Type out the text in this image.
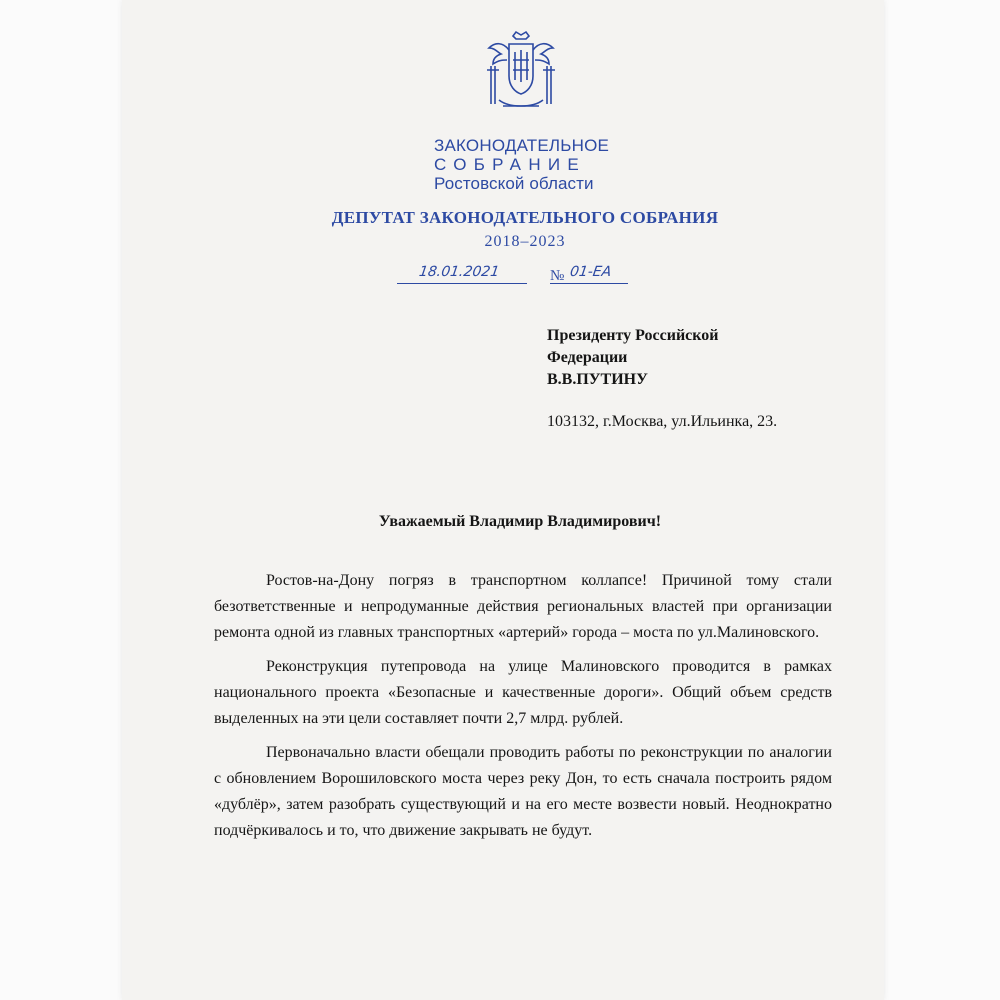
ЗАКОНОДАТЕЛЬНОЕ
СОБРАНИЕ
Ростовской области
ДЕПУТАТ ЗАКОНОДАТЕЛЬНОГО СОБРАНИЯ
2018–2023
18.01.2021	№ 01-ЕА
Президенту Российской
Федерации
В.В.ПУТИНУ
103132, г.Москва, ул.Ильинка, 23.
Уважаемый Владимир Владимирович!

Ростов-на-Дону погряз в транспортном коллапсе! Причиной тому стали безответственные и непродуманные действия региональных властей при организации ремонта одной из главных транспортных «артерий» города – моста по ул.Малиновского.

Реконструкция путепровода на улице Малиновского проводится в рамках национального проекта «Безопасные и качественные дороги». Общий объем средств выделенных на эти цели составляет почти 2,7 млрд. рублей.

Первоначально власти обещали проводить работы по реконструкции по аналогии с обновлением Ворошиловского моста через реку Дон, то есть сначала построить рядом «дублёр», затем разобрать существующий и на его месте возвести новый. Неоднократно подчёркивалось и то, что движение закрывать не будут.
